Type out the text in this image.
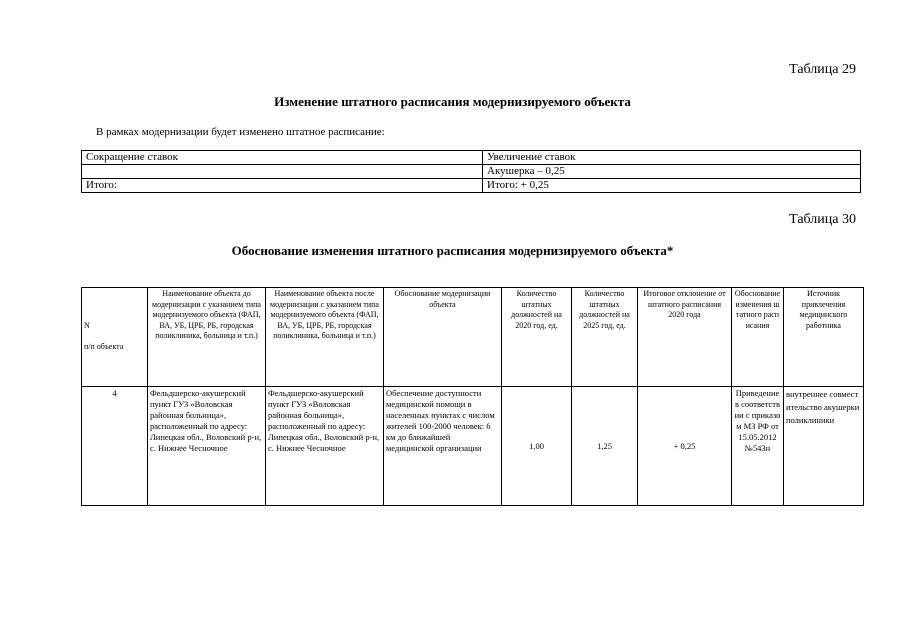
Таблица 29
Изменение штатного расписания модернизируемого объекта
В рамках модернизации будет изменено штатное расписание:
Сокращение ставок	Увеличение ставок
	Акушерка – 0,25
Итого:	Итого: + 0,25
Таблица 30
Обоснование изменения штатного расписания модернизируемого объекта*
N

п/п объекта	Наименование объекта до модернизации с указанием типа модернизуемого объекта (ФАП, ВА, УБ, ЦРБ, РБ, городская поликлиника, больница и т.п.)	Наименование объекта после модернизации с указанием типа модернизуемого объекта (ФАП, ВА, УБ, ЦРБ, РБ, городская поликлиника, больница и т.п.)	Обоснование модернизации объекта	Количество штатных должностей на 2020 год, ед.	Количество штатных должностей на 2025 год, ед.	Итоговое отклонение от штатного расписания 2020 года	Обоснование изменения штатного расписания	Источник привлечения медицинского работника
4	Фельдшерско-акушерский пункт ГУЗ «Воловская районная больница», расположенный по адресу: Липецкая обл., Воловский р-н, с. Нижнее Чесночное	Фельдшерско-акушерский пункт ГУЗ «Воловская районная больница», расположенный по адресу: Липецкая обл., Воловский р-н, с. Нижнее Чесночное	Обеспечение доступности медицинской помощи в населенных пунктах с числом жителей 100-2000 человек: 6 км до ближайшей медицинской организации	1,00	1,25	+ 0,25	Приведение в соответствии с приказом МЗ РФ от 15.05.2012 №543н	внутреннее совместительство акушерки поликлиники
